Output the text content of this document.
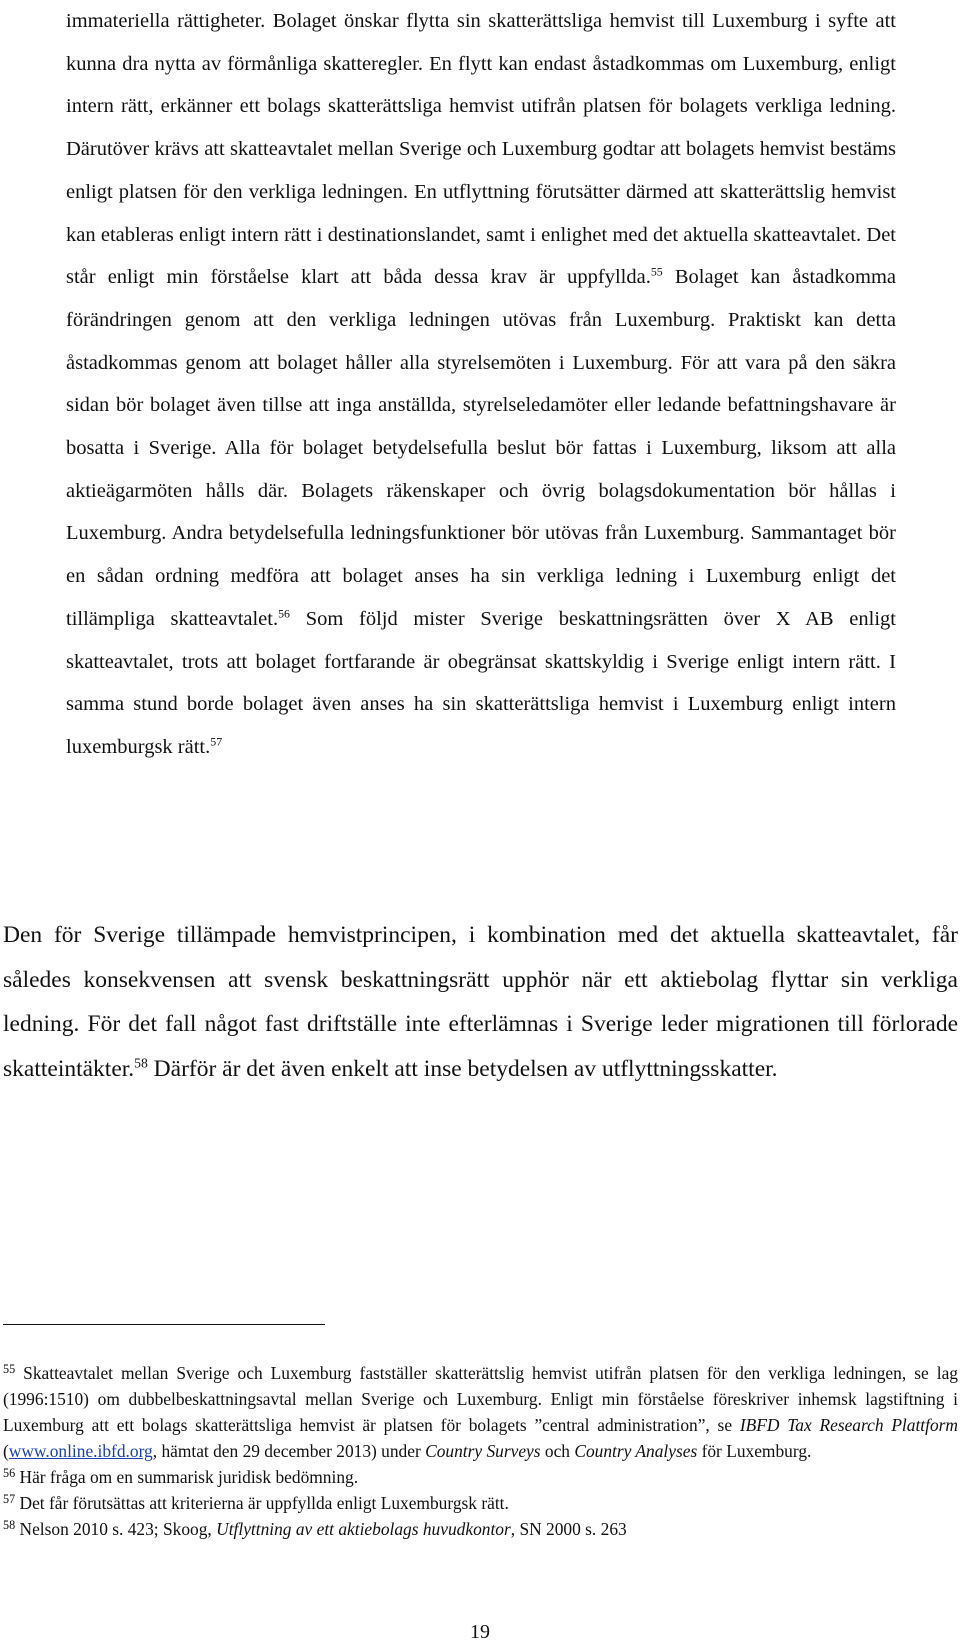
immateriella rättigheter. Bolaget önskar flytta sin skatterättsliga hemvist till Luxemburg i syfte att kunna dra nytta av förmånliga skatteregler. En flytt kan endast åstadkommas om Luxemburg, enligt intern rätt, erkänner ett bolags skatterättsliga hemvist utifrån platsen för bolagets verkliga ledning. Därutöver krävs att skatteavtalet mellan Sverige och Luxemburg godtar att bolagets hemvist bestäms enligt platsen för den verkliga ledningen. En utflyttning förutsätter därmed att skatterättslig hemvist kan etableras enligt intern rätt i destinationslandet, samt i enlighet med det aktuella skatteavtalet. Det står enligt min förståelse klart att båda dessa krav är uppfyllda.$^{55}$ Bolaget kan åstadkomma förändringen genom att den verkliga ledningen utövas från Luxemburg. Praktiskt kan detta åstadkommas genom att bolaget håller alla styrelsemöten i Luxemburg. För att vara på den säkra sidan bör bolaget även tillse att inga anställda, styrelseledamöter eller ledande befattningshavare är bosatta i Sverige. Alla för bolaget betydelsefulla beslut bör fattas i Luxemburg, liksom att alla aktieägarmöten hålls där. Bolagets räkenskaper och övrig bolagsdokumentation bör hållas i Luxemburg. Andra betydelsefulla ledningsfunktioner bör utövas från Luxemburg. Sammantaget bör en sådan ordning medföra att bolaget anses ha sin verkliga ledning i Luxemburg enligt det tillämpliga skatteavtalet.$^{56}$ Som följd mister Sverige beskattningsrätten över X AB enligt skatteavtalet, trots att bolaget fortfarande är obegränsat skattskyldig i Sverige enligt intern rätt. I samma stund borde bolaget även anses ha sin skatterättsliga hemvist i Luxemburg enligt intern luxemburgsk rätt.$^{57}$
Den för Sverige tillämpade hemvistprincipen, i kombination med det aktuella skatteavtalet, får således konsekvensen att svensk beskattningsrätt upphör när ett aktiebolag flyttar sin verkliga ledning. För det fall något fast driftställe inte efterlämnas i Sverige leder migrationen till förlorade skatteintäkter.$^{58}$ Därför är det även enkelt att inse betydelsen av utflyttningsskatter.

$^{55}$ Skatteavtalet mellan Sverige och Luxemburg fastställer skatterättslig hemvist utifrån platsen för den verkliga ledningen, se lag (1996:1510) om dubbelbeskattningsavtal mellan Sverige och Luxemburg. Enligt min förståelse föreskriver inhemsk lagstiftning i Luxemburg att ett bolags skatterättsliga hemvist är platsen för bolagets ”central administration”, se IBFD Tax Research Plattform (www.online.ibfd.org, hämtat den 29 december 2013) under Country Surveys och Country Analyses för Luxemburg.

$^{56}$ Här fråga om en summarisk juridisk bedömning.

$^{57}$ Det får förutsättas att kriterierna är uppfyllda enligt Luxemburgsk rätt.

$^{58}$ Nelson 2010 s. 423; Skoog, Utflyttning av ett aktiebolags huvudkontor, SN 2000 s. 263

19
